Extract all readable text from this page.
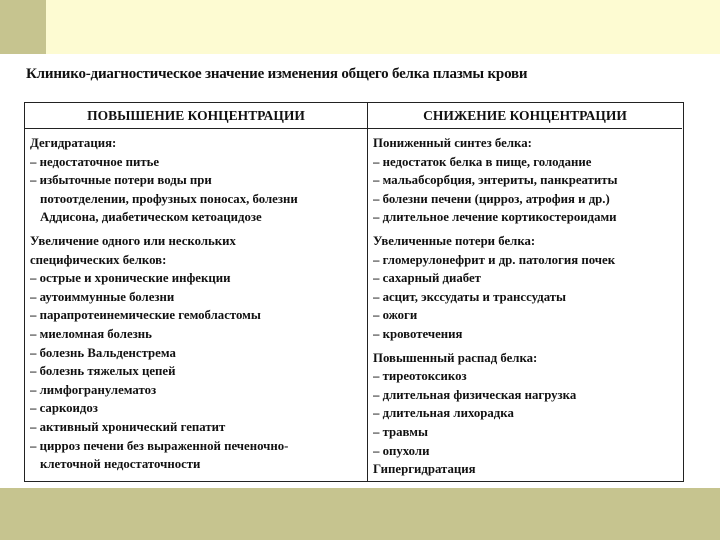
Клинико-диагностическое значение изменения общего белка плазмы крови
ПОВЫШЕНИЕ КОНЦЕНТРАЦИИ
Дегидратация:
– недостаточное питье
– избыточные потери воды при
потоотделении, профузных поносах, болезни
Аддисона, диабетическом кетоацидозе
Увеличение одного или нескольких
специфических белков:
– острые и хронические инфекции
– аутоиммунные болезни
– парапротеинемические гемобластомы
– миеломная болезнь
– болезнь Вальденстрема
– болезнь тяжелых цепей
– лимфогранулематоз
– саркоидоз
– активный хронический гепатит
– цирроз печени без выраженной печеночно-
клеточной недостаточности
СНИЖЕНИЕ КОНЦЕНТРАЦИИ
Пониженный синтез белка:
– недостаток белка в пище, голодание
– мальабсорбция, энтериты, панкреатиты
– болезни печени (цирроз, атрофия и др.)
– длительное лечение кортикостероидами
Увеличенные потери белка:
– гломерулонефрит и др. патология почек
– сахарный диабет
– асцит, экссудаты и транссудаты
– ожоги
– кровотечения
Повышенный распад белка:
– тиреотоксикоз
– длительная физическая нагрузка
– длительная лихорадка
– травмы
– опухоли
Гипергидратация
